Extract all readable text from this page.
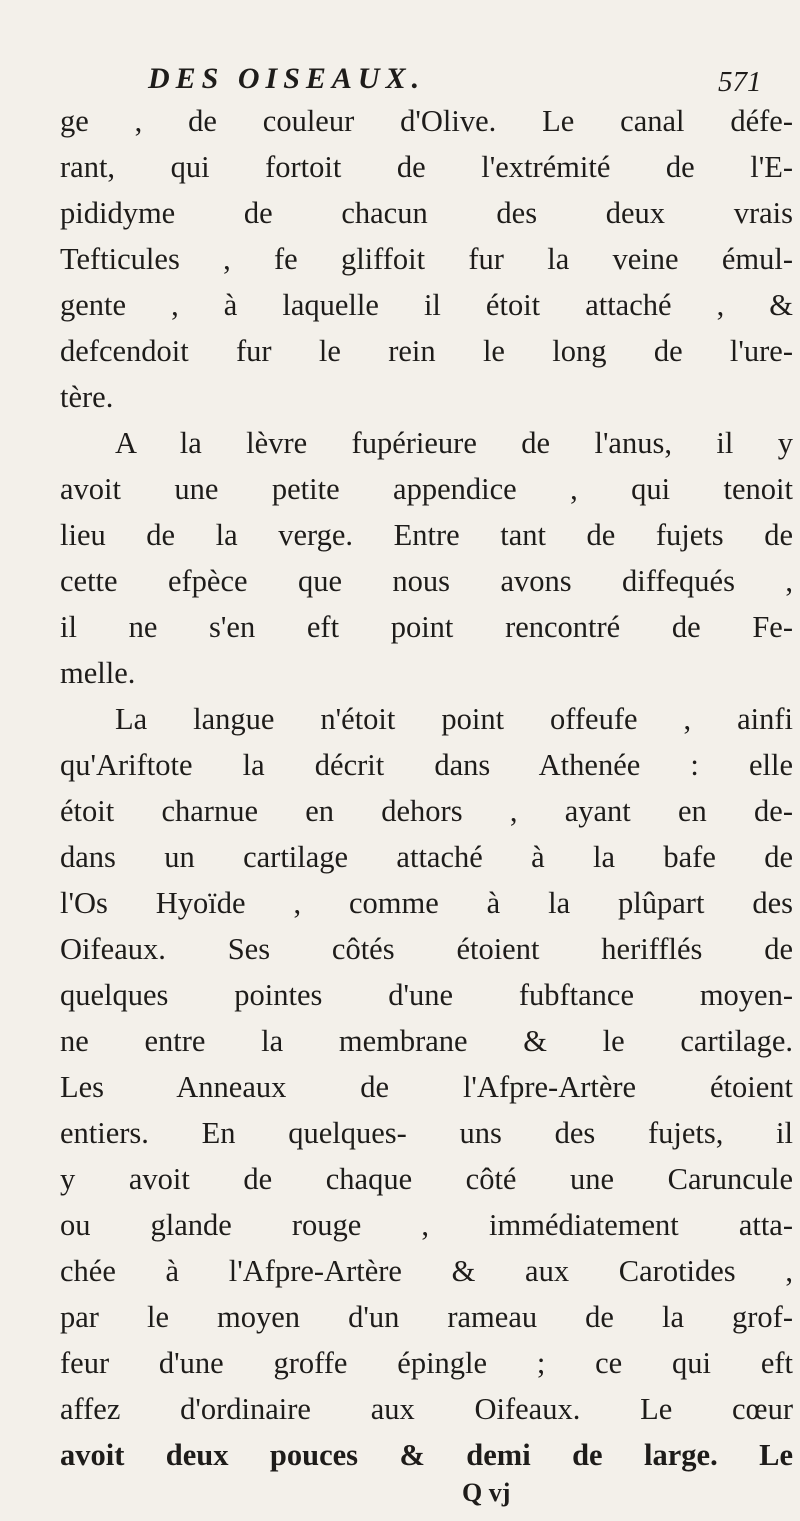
DES OISEAUX.	571
ge , de couleur d'Olive. Le canal défe-
rant, qui fortoit de l'extrémité de l'E-
pididyme de chacun des deux vrais
Tefticules , fe gliffoit fur la veine émul-
gente , à laquelle il étoit attaché , &
defcendoit fur le rein le long de l'ure-
tère.
A la lèvre fupérieure de l'anus, il y
avoit une petite appendice , qui tenoit
lieu de la verge. Entre tant de fujets de
cette efpèce que nous avons diffequés ,
il ne s'en eft point rencontré de Fe-
melle.
La langue n'étoit point offeufe , ainfi
qu'Ariftote la décrit dans Athenée : elle
étoit charnue en dehors , ayant en de-
dans un cartilage attaché à la bafe de
l'Os Hyoïde , comme à la plûpart des
Oifeaux. Ses côtés étoient herifflés de
quelques pointes d'une fubftance moyen-
ne entre la membrane & le cartilage.
Les Anneaux de l'Afpre-Artère étoient
entiers. En quelques- uns des fujets, il
y avoit de chaque côté une Caruncule
ou glande rouge , immédiatement atta-
chée à l'Afpre-Artère & aux Carotides ,
par le moyen d'un rameau de la grof-
feur d'une groffe épingle ; ce qui eft
affez d'ordinaire aux Oifeaux. Le cœur
avoit deux pouces & demi de large. Le
Q vj
